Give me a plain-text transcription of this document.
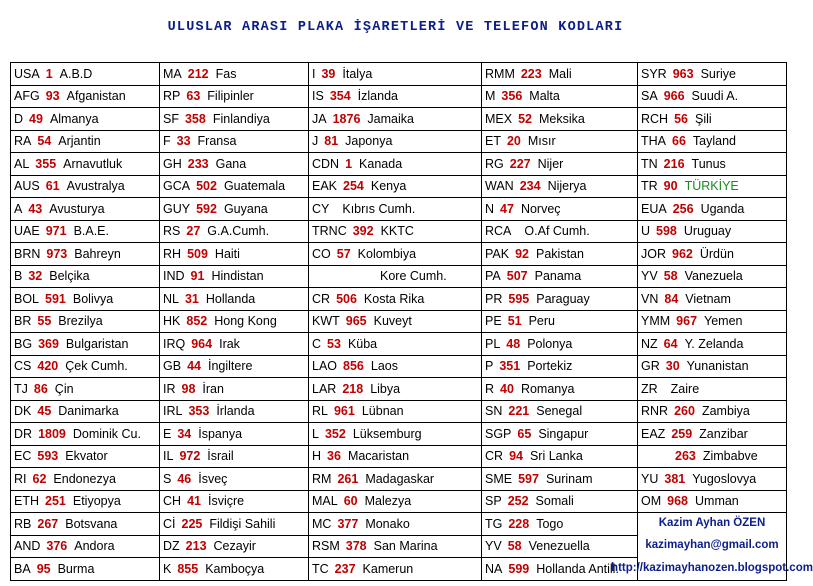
ULUSLAR ARASI PLAKA İŞARETLERİ VE TELEFON KODLARI
USA 1 A.B.D	MA 212 Fas	I 39 İtalya	RMM 223 Mali	SYR 963 Suriye

AFG 93 Afganistan	RP 63 Filipinler	IS 354 İzlanda	M 356 Malta	SA 966 Suudi A.

D 49 Almanya	SF 358 Finlandiya	JA 1876 Jamaika	MEX 52 Meksika	RCH 56 Şili

RA 54 Arjantin	F 33 Fransa	J 81 Japonya	ET 20 Mısır	THA 66 Tayland

AL 355 Arnavutluk	GH 233 Gana	CDN 1 Kanada	RG 227 Nijer	TN 216 Tunus

AUS 61 Avustralya	GCA 502 Guatemala	EAK 254 Kenya	WAN 234 Nijerya	TR 90 TÜRKİYE

A 43 Avusturya	GUY 592 Guyana	CY Kıbrıs Cumh.	N 47 Norveç	EUA 256 Uganda

UAE 971 B.A.E.	RS 27 G.A.Cumh.	TRNC 392 KKTC	RCA O.Af Cumh.	U 598 Uruguay

BRN 973 Bahreyn	RH 509 Haiti	CO 57 Kolombiya	PAK 92 Pakistan	JOR 962 Ürdün

B 32 Belçika	IND 91 Hindistan	Kore Cumh.	PA 507 Panama	YV 58 Vanezuela

BOL 591 Bolivya	NL 31 Hollanda	CR 506 Kosta Rika	PR 595 Paraguay	VN 84 Vietnam

BR 55 Brezilya	HK 852 Hong Kong	KWT 965 Kuveyt	PE 51 Peru	YMM 967 Yemen

BG 369 Bulgaristan	IRQ 964 Irak	C 53 Küba	PL 48 Polonya	NZ 64 Y. Zelanda

CS 420 Çek Cumh.	GB 44 İngiltere	LAO 856 Laos	P 351 Portekiz	GR 30 Yunanistan

TJ 86 Çin	IR 98 İran	LAR 218 Libya	R 40 Romanya	ZR Zaire

DK 45 Danimarka	IRL 353 İrlanda	RL 961 Lübnan	SN 221 Senegal	RNR 260 Zambiya

DR 1809 Dominik Cu.	E 34 İspanya	L 352 Lüksemburg	SGP 65 Singapur	EAZ 259 Zanzibar

EC 593 Ekvator	IL 972 İsrail	H 36 Macaristan	CR 94 Sri Lanka	263 Zimbabve

RI 62 Endonezya	S 46 İsveç	RM 261 Madagaskar	SME 597 Surinam	YU 381 Yugoslovya

ETH 251 Etiyopya	CH 41 İsviçre	MAL 60 Malezya	SP 252 Somali	OM 968 Umman

RB 267 Botsvana	Cİ 225 Fildişi Sahili	MC 377 Monako	TG 228 Togo	Kazim Ayhan ÖZEN
kazimayhan@gmail.com
http://kazimayhanozen.blogspot.com

AND 376 Andora	DZ 213 Cezayir	RSM 378 San Marina	YV 58 Venezuella	

BA 95 Burma	K 855 Kamboçya	TC 237 Kamerun	NA 599 Hollanda Antill.	
